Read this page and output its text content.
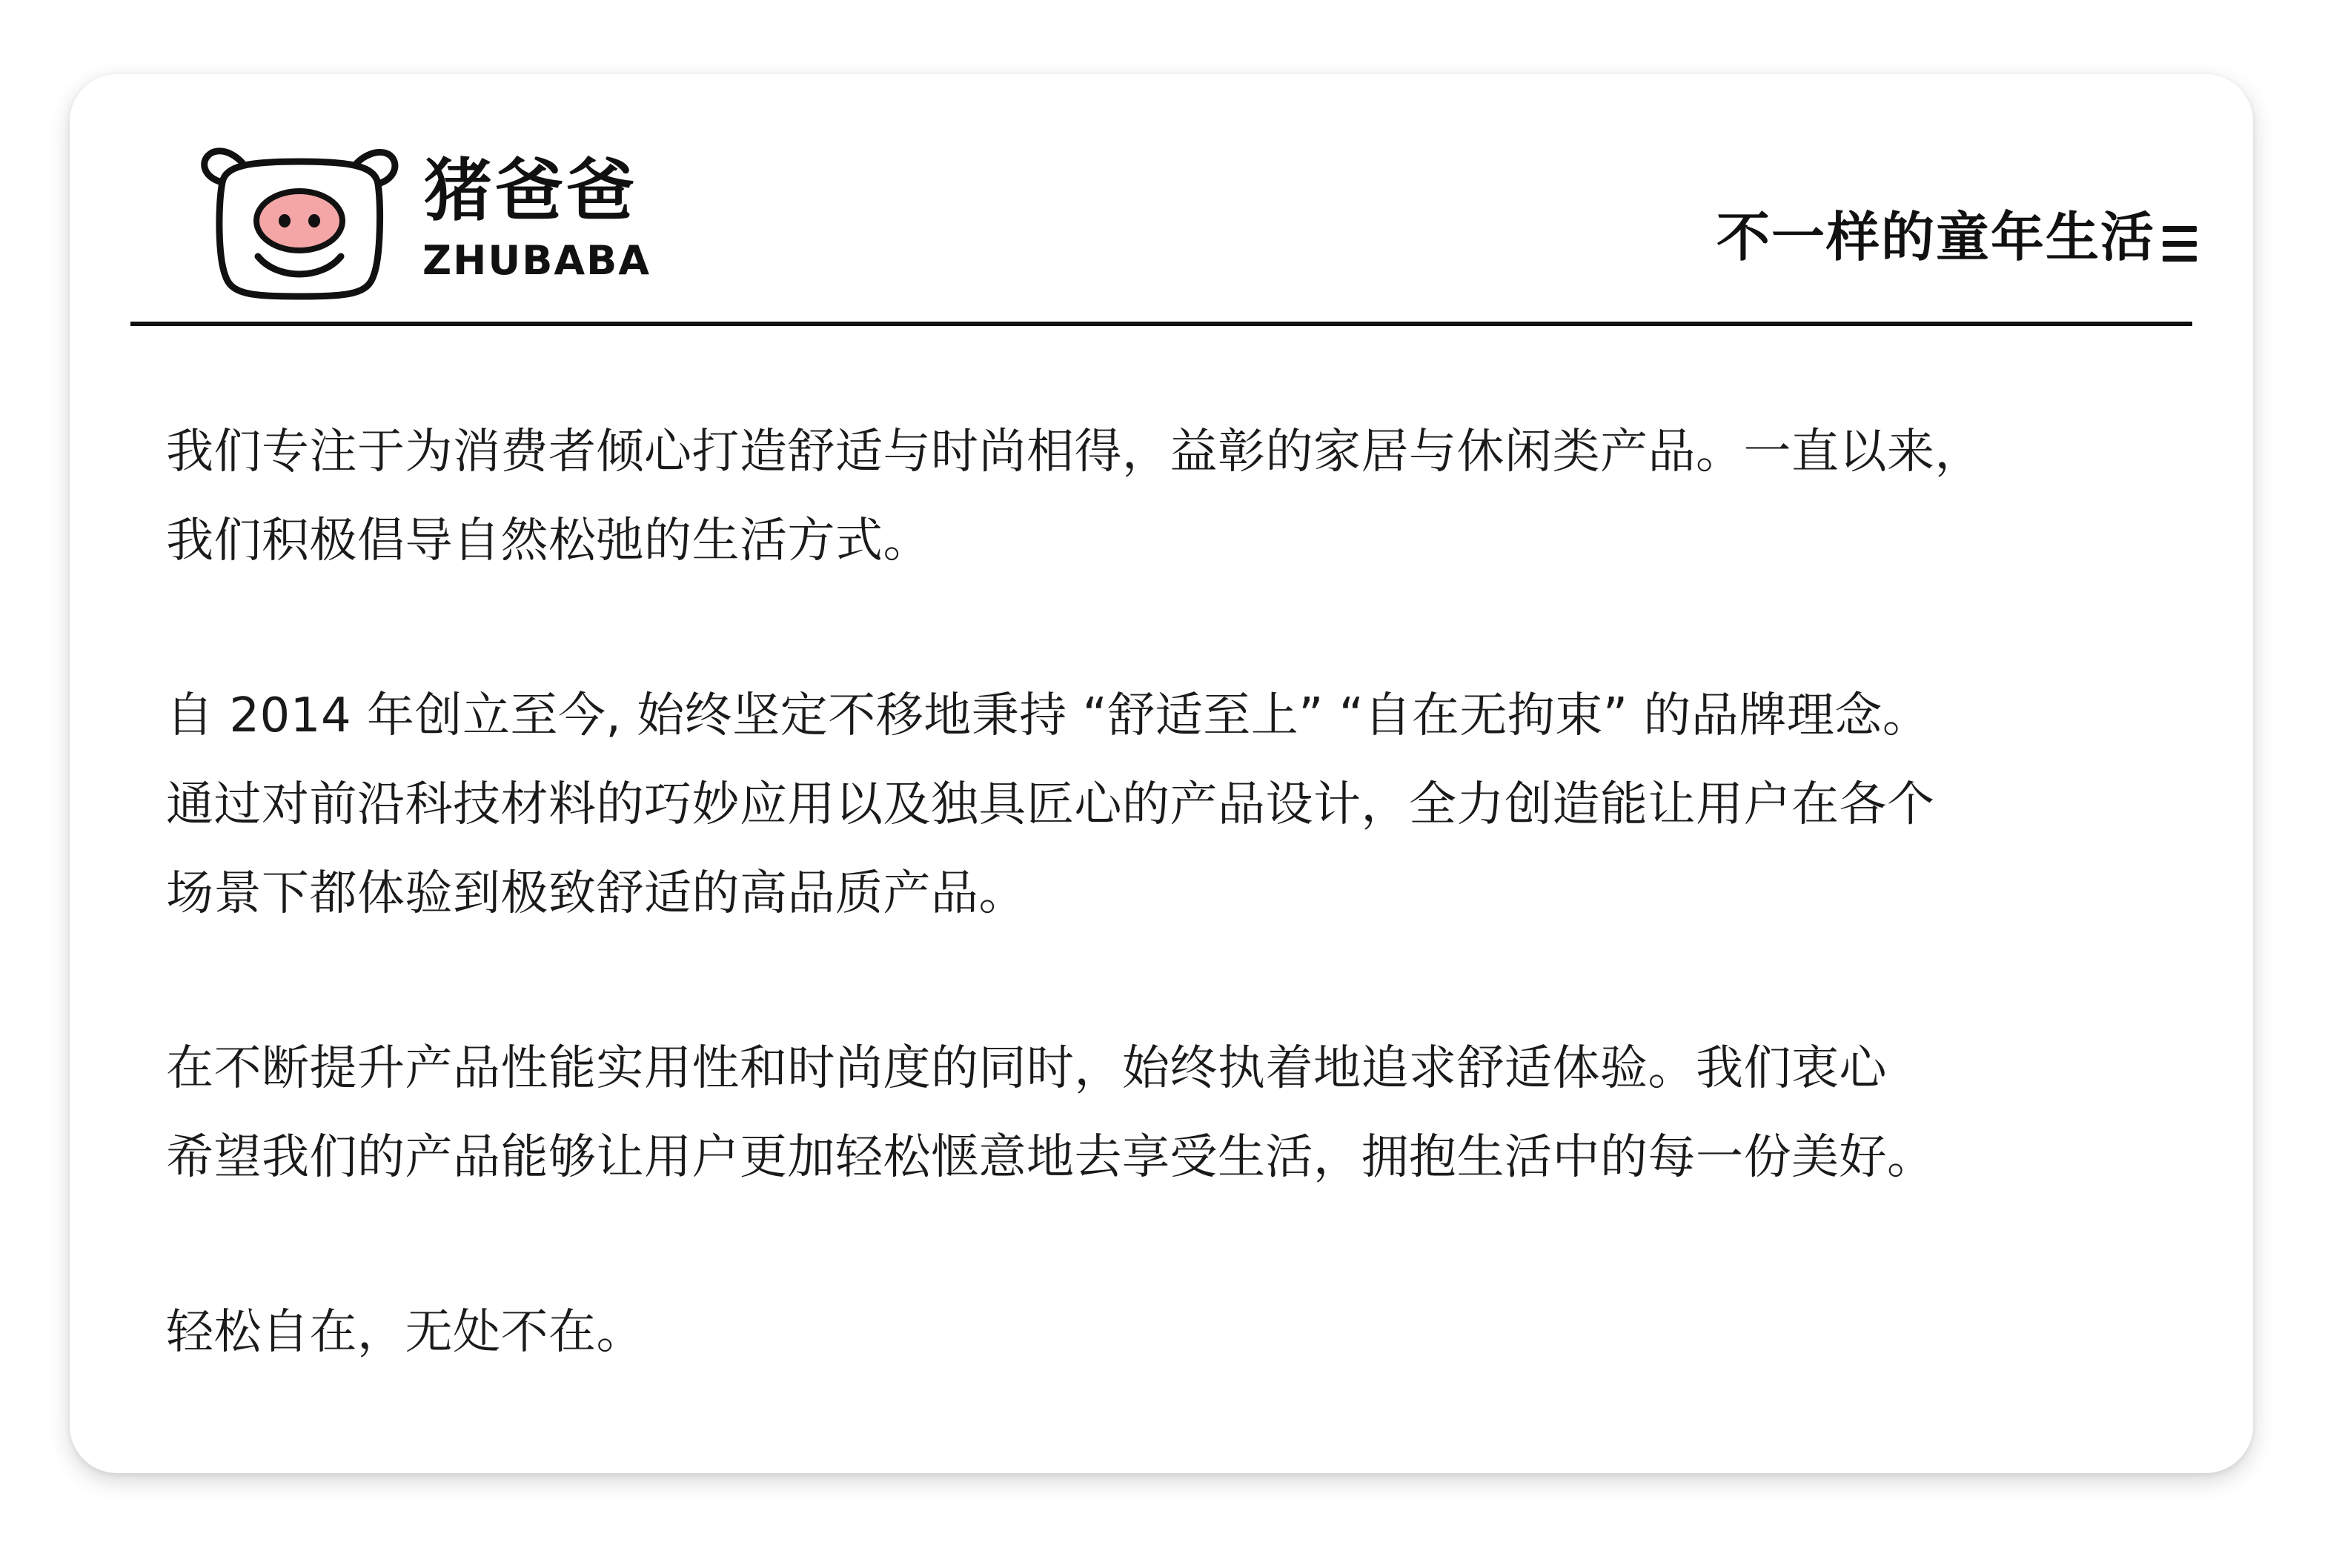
猪爸爸
ZHUBABA	不一样的童年生活

我们专注于为消费者倾心打造舒适与时尚相得，益彰的家居与休闲类产品。一直以来，
我们积极倡导自然松弛的生活方式。

自 2014 年创立至今, 始终坚定不移地秉持 “舒适至上” “自在无拘束” 的品牌理念。
通过对前沿科技材料的巧妙应用以及独具匠心的产品设计，全力创造能让用户在各个
场景下都体验到极致舒适的高品质产品。

在不断提升产品性能实用性和时尚度的同时，始终执着地追求舒适体验。我们衷心
希望我们的产品能够让用户更加轻松惬意地去享受生活，拥抱生活中的每一份美好。

轻松自在，无处不在。
